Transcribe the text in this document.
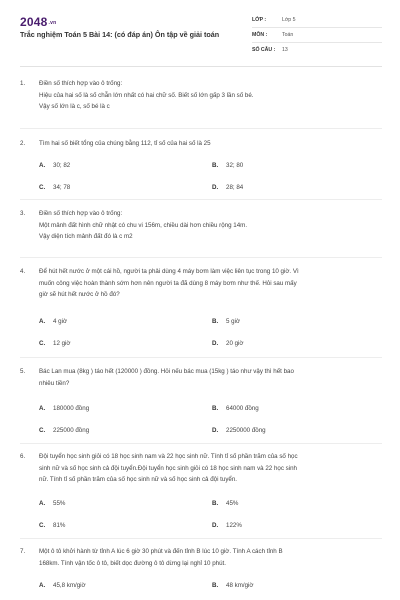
2048.vn
Trắc nghiệm Toán 5 Bài 14: (có đáp án) Ôn tập về giải toán
LỚP :	Lớp 5
MÔN :	Toán
SỐ CÂU : 13
1. Điền số thích hợp vào ô trống:

Hiệu của hai số là số chẵn lớn nhất có hai chữ số. Biết số lớn gấp 3 lần số bé.

Vậy số lớn là c, số bé là c

2. Tìm hai số biết tổng của chúng bằng 112, tỉ số của hai số là 25

A. 30; 82	B. 32; 80
C. 34; 78	D. 28; 84
3. Điền số thích hợp vào ô trống:

Một mảnh đất hình chữ nhật có chu vi 156m, chiều dài hơn chiều rộng 14m.

Vậy diện tích mảnh đất đó là c m2

4. Để hút hết nước ở một cái hồ, người ta phải dùng 4 máy bơm làm việc liên tục trong 10 giờ. Vì

muốn công việc hoàn thành sớm hơn nên người ta đã dùng 8 máy bơm như thế. Hỏi sau mấy

giờ sẽ hút hết nước ở hồ đó?

A. 4 giờ	B. 5 giờ
C. 12 giờ	D. 20 giờ
5. Bác Lan mua (8kg ) táo hết (120000 ) đồng. Hỏi nếu bác mua (15kg ) táo như vậy thì hết bao

nhiêu tiền?

A. 180000 đồng	B. 64000 đồng
C. 225000 đồng	D. 2250000 đồng
6. Đội tuyển học sinh giỏi có 18 học sinh nam và 22 học sinh nữ. Tính tỉ số phần trăm của số học

sinh nữ và số học sinh cả đội tuyển.Đội tuyển học sinh giỏi có 18 học sinh nam và 22 học sinh

nữ. Tính tỉ số phần trăm của số học sinh nữ và số học sinh cả đội tuyển.

A. 55%	B. 45%
C. 81%	D. 122%
7. Một ô tô khởi hành từ tỉnh A lúc 6 giờ 30 phút và đến tỉnh B lúc 10 giờ. Tính A cách tỉnh B

168km. Tính vận tốc ô tô, biết dọc đường ô tô dừng lại nghỉ 10 phút.

A. 45,8 km/giờ	B. 48 km/giờ
